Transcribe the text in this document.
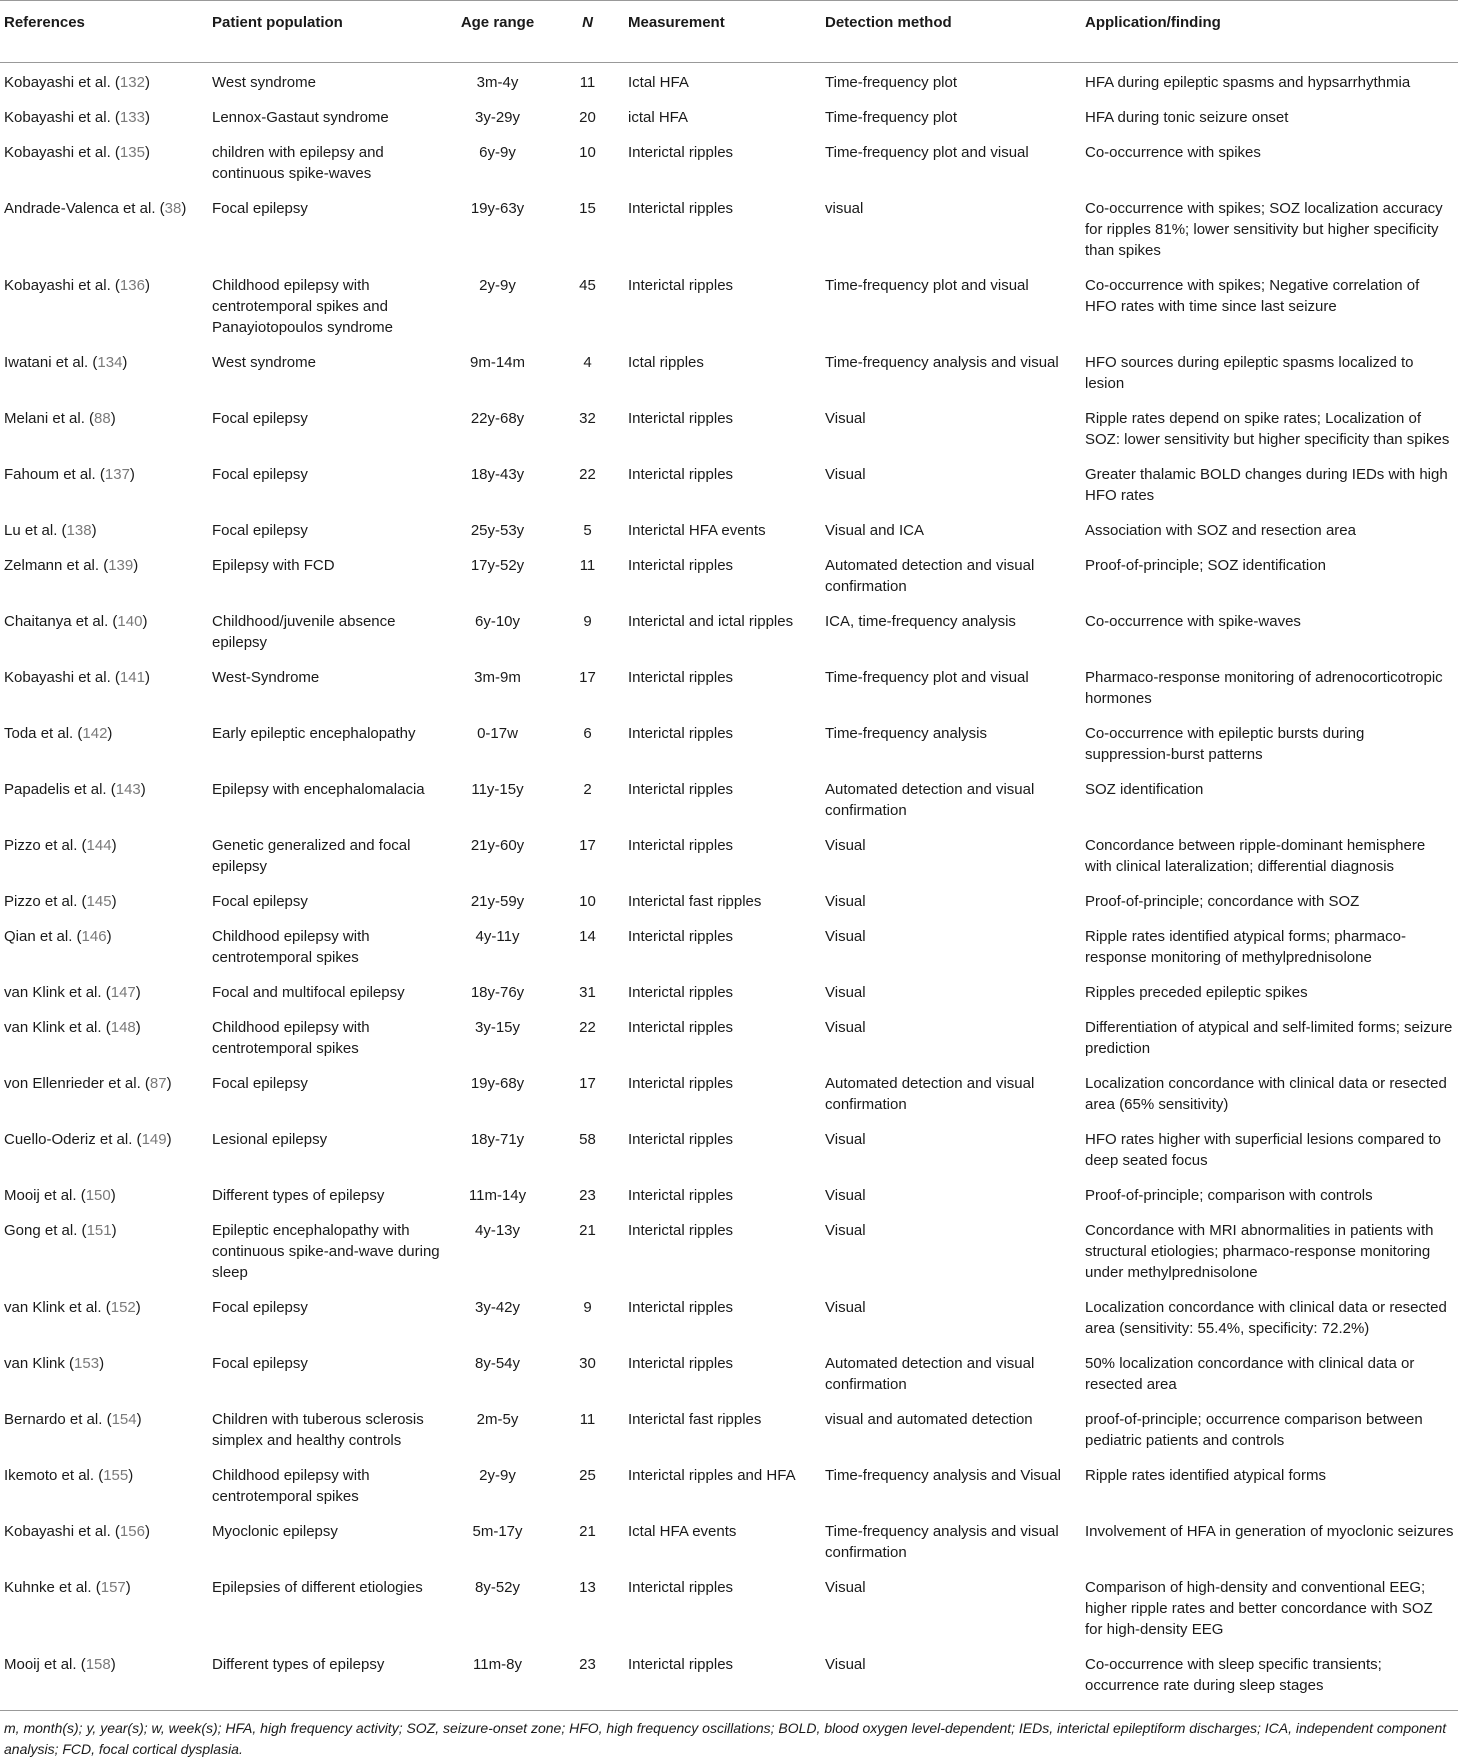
References	Patient population	Age range	N	Measurement	Detection method	Application/finding
Kobayashi et al. (132)	West syndrome	3m-4y	11	Ictal HFA	Time-frequency plot	HFA during epileptic spasms and hypsarrhythmia
Kobayashi et al. (133)	Lennox-Gastaut syndrome	3y-29y	20	ictal HFA	Time-frequency plot	HFA during tonic seizure onset
Kobayashi et al. (135)	children with epilepsy and continuous spike-waves	6y-9y	10	Interictal ripples	Time-frequency plot and visual	Co-occurrence with spikes
Andrade-Valenca et al. (38)	Focal epilepsy	19y-63y	15	Interictal ripples	visual	Co-occurrence with spikes; SOZ localization accuracy for ripples 81%; lower sensitivity but higher specificity than spikes
Kobayashi et al. (136)	Childhood epilepsy with centrotemporal spikes and Panayiotopoulos syndrome	2y-9y	45	Interictal ripples	Time-frequency plot and visual	Co-occurrence with spikes; Negative correlation of HFO rates with time since last seizure
Iwatani et al. (134)	West syndrome	9m-14m	4	Ictal ripples	Time-frequency analysis and visual	HFO sources during epileptic spasms localized to lesion
Melani et al. (88)	Focal epilepsy	22y-68y	32	Interictal ripples	Visual	Ripple rates depend on spike rates; Localization of SOZ: lower sensitivity but higher specificity than spikes
Fahoum et al. (137)	Focal epilepsy	18y-43y	22	Interictal ripples	Visual	Greater thalamic BOLD changes during IEDs with high HFO rates
Lu et al. (138)	Focal epilepsy	25y-53y	5	Interictal HFA events	Visual and ICA	Association with SOZ and resection area
Zelmann et al. (139)	Epilepsy with FCD	17y-52y	11	Interictal ripples	Automated detection and visual confirmation	Proof-of-principle; SOZ identification
Chaitanya et al. (140)	Childhood/juvenile absence epilepsy	6y-10y	9	Interictal and ictal ripples	ICA, time-frequency analysis	Co-occurrence with spike-waves
Kobayashi et al. (141)	West-Syndrome	3m-9m	17	Interictal ripples	Time-frequency plot and visual	Pharmaco-response monitoring of adrenocorticotropic hormones
Toda et al. (142)	Early epileptic encephalopathy	0-17w	6	Interictal ripples	Time-frequency analysis	Co-occurrence with epileptic bursts during suppression-burst patterns
Papadelis et al. (143)	Epilepsy with encephalomalacia	11y-15y	2	Interictal ripples	Automated detection and visual confirmation	SOZ identification
Pizzo et al. (144)	Genetic generalized and focal epilepsy	21y-60y	17	Interictal ripples	Visual	Concordance between ripple-dominant hemisphere with clinical lateralization; differential diagnosis
Pizzo et al. (145)	Focal epilepsy	21y-59y	10	Interictal fast ripples	Visual	Proof-of-principle; concordance with SOZ
Qian et al. (146)	Childhood epilepsy with centrotemporal spikes	4y-11y	14	Interictal ripples	Visual	Ripple rates identified atypical forms; pharmaco-response monitoring of methylprednisolone
van Klink et al. (147)	Focal and multifocal epilepsy	18y-76y	31	Interictal ripples	Visual	Ripples preceded epileptic spikes
van Klink et al. (148)	Childhood epilepsy with centrotemporal spikes	3y-15y	22	Interictal ripples	Visual	Differentiation of atypical and self-limited forms; seizure prediction
von Ellenrieder et al. (87)	Focal epilepsy	19y-68y	17	Interictal ripples	Automated detection and visual confirmation	Localization concordance with clinical data or resected area (65% sensitivity)
Cuello-Oderiz et al. (149)	Lesional epilepsy	18y-71y	58	Interictal ripples	Visual	HFO rates higher with superficial lesions compared to deep seated focus
Mooij et al. (150)	Different types of epilepsy	11m-14y	23	Interictal ripples	Visual	Proof-of-principle; comparison with controls
Gong et al. (151)	Epileptic encephalopathy with continuous spike-and-wave during sleep	4y-13y	21	Interictal ripples	Visual	Concordance with MRI abnormalities in patients with structural etiologies; pharmaco-response monitoring under methylprednisolone
van Klink et al. (152)	Focal epilepsy	3y-42y	9	Interictal ripples	Visual	Localization concordance with clinical data or resected area (sensitivity: 55.4%, specificity: 72.2%)
van Klink (153)	Focal epilepsy	8y-54y	30	Interictal ripples	Automated detection and visual confirmation	50% localization concordance with clinical data or resected area
Bernardo et al. (154)	Children with tuberous sclerosis simplex and healthy controls	2m-5y	11	Interictal fast ripples	visual and automated detection	proof-of-principle; occurrence comparison between pediatric patients and controls
Ikemoto et al. (155)	Childhood epilepsy with centrotemporal spikes	2y-9y	25	Interictal ripples and HFA	Time-frequency analysis and Visual	Ripple rates identified atypical forms
Kobayashi et al. (156)	Myoclonic epilepsy	5m-17y	21	Ictal HFA events	Time-frequency analysis and visual confirmation	Involvement of HFA in generation of myoclonic seizures
Kuhnke et al. (157)	Epilepsies of different etiologies	8y-52y	13	Interictal ripples	Visual	Comparison of high-density and conventional EEG; higher ripple rates and better concordance with SOZ for high-density EEG
Mooij et al. (158)	Different types of epilepsy	11m-8y	23	Interictal ripples	Visual	Co-occurrence with sleep specific transients; occurrence rate during sleep stages

m, month(s); y, year(s); w, week(s); HFA, high frequency activity; SOZ, seizure-onset zone; HFO, high frequency oscillations; BOLD, blood oxygen level-dependent; IEDs, interictal epileptiform discharges; ICA, independent component analysis; FCD, focal cortical dysplasia.
